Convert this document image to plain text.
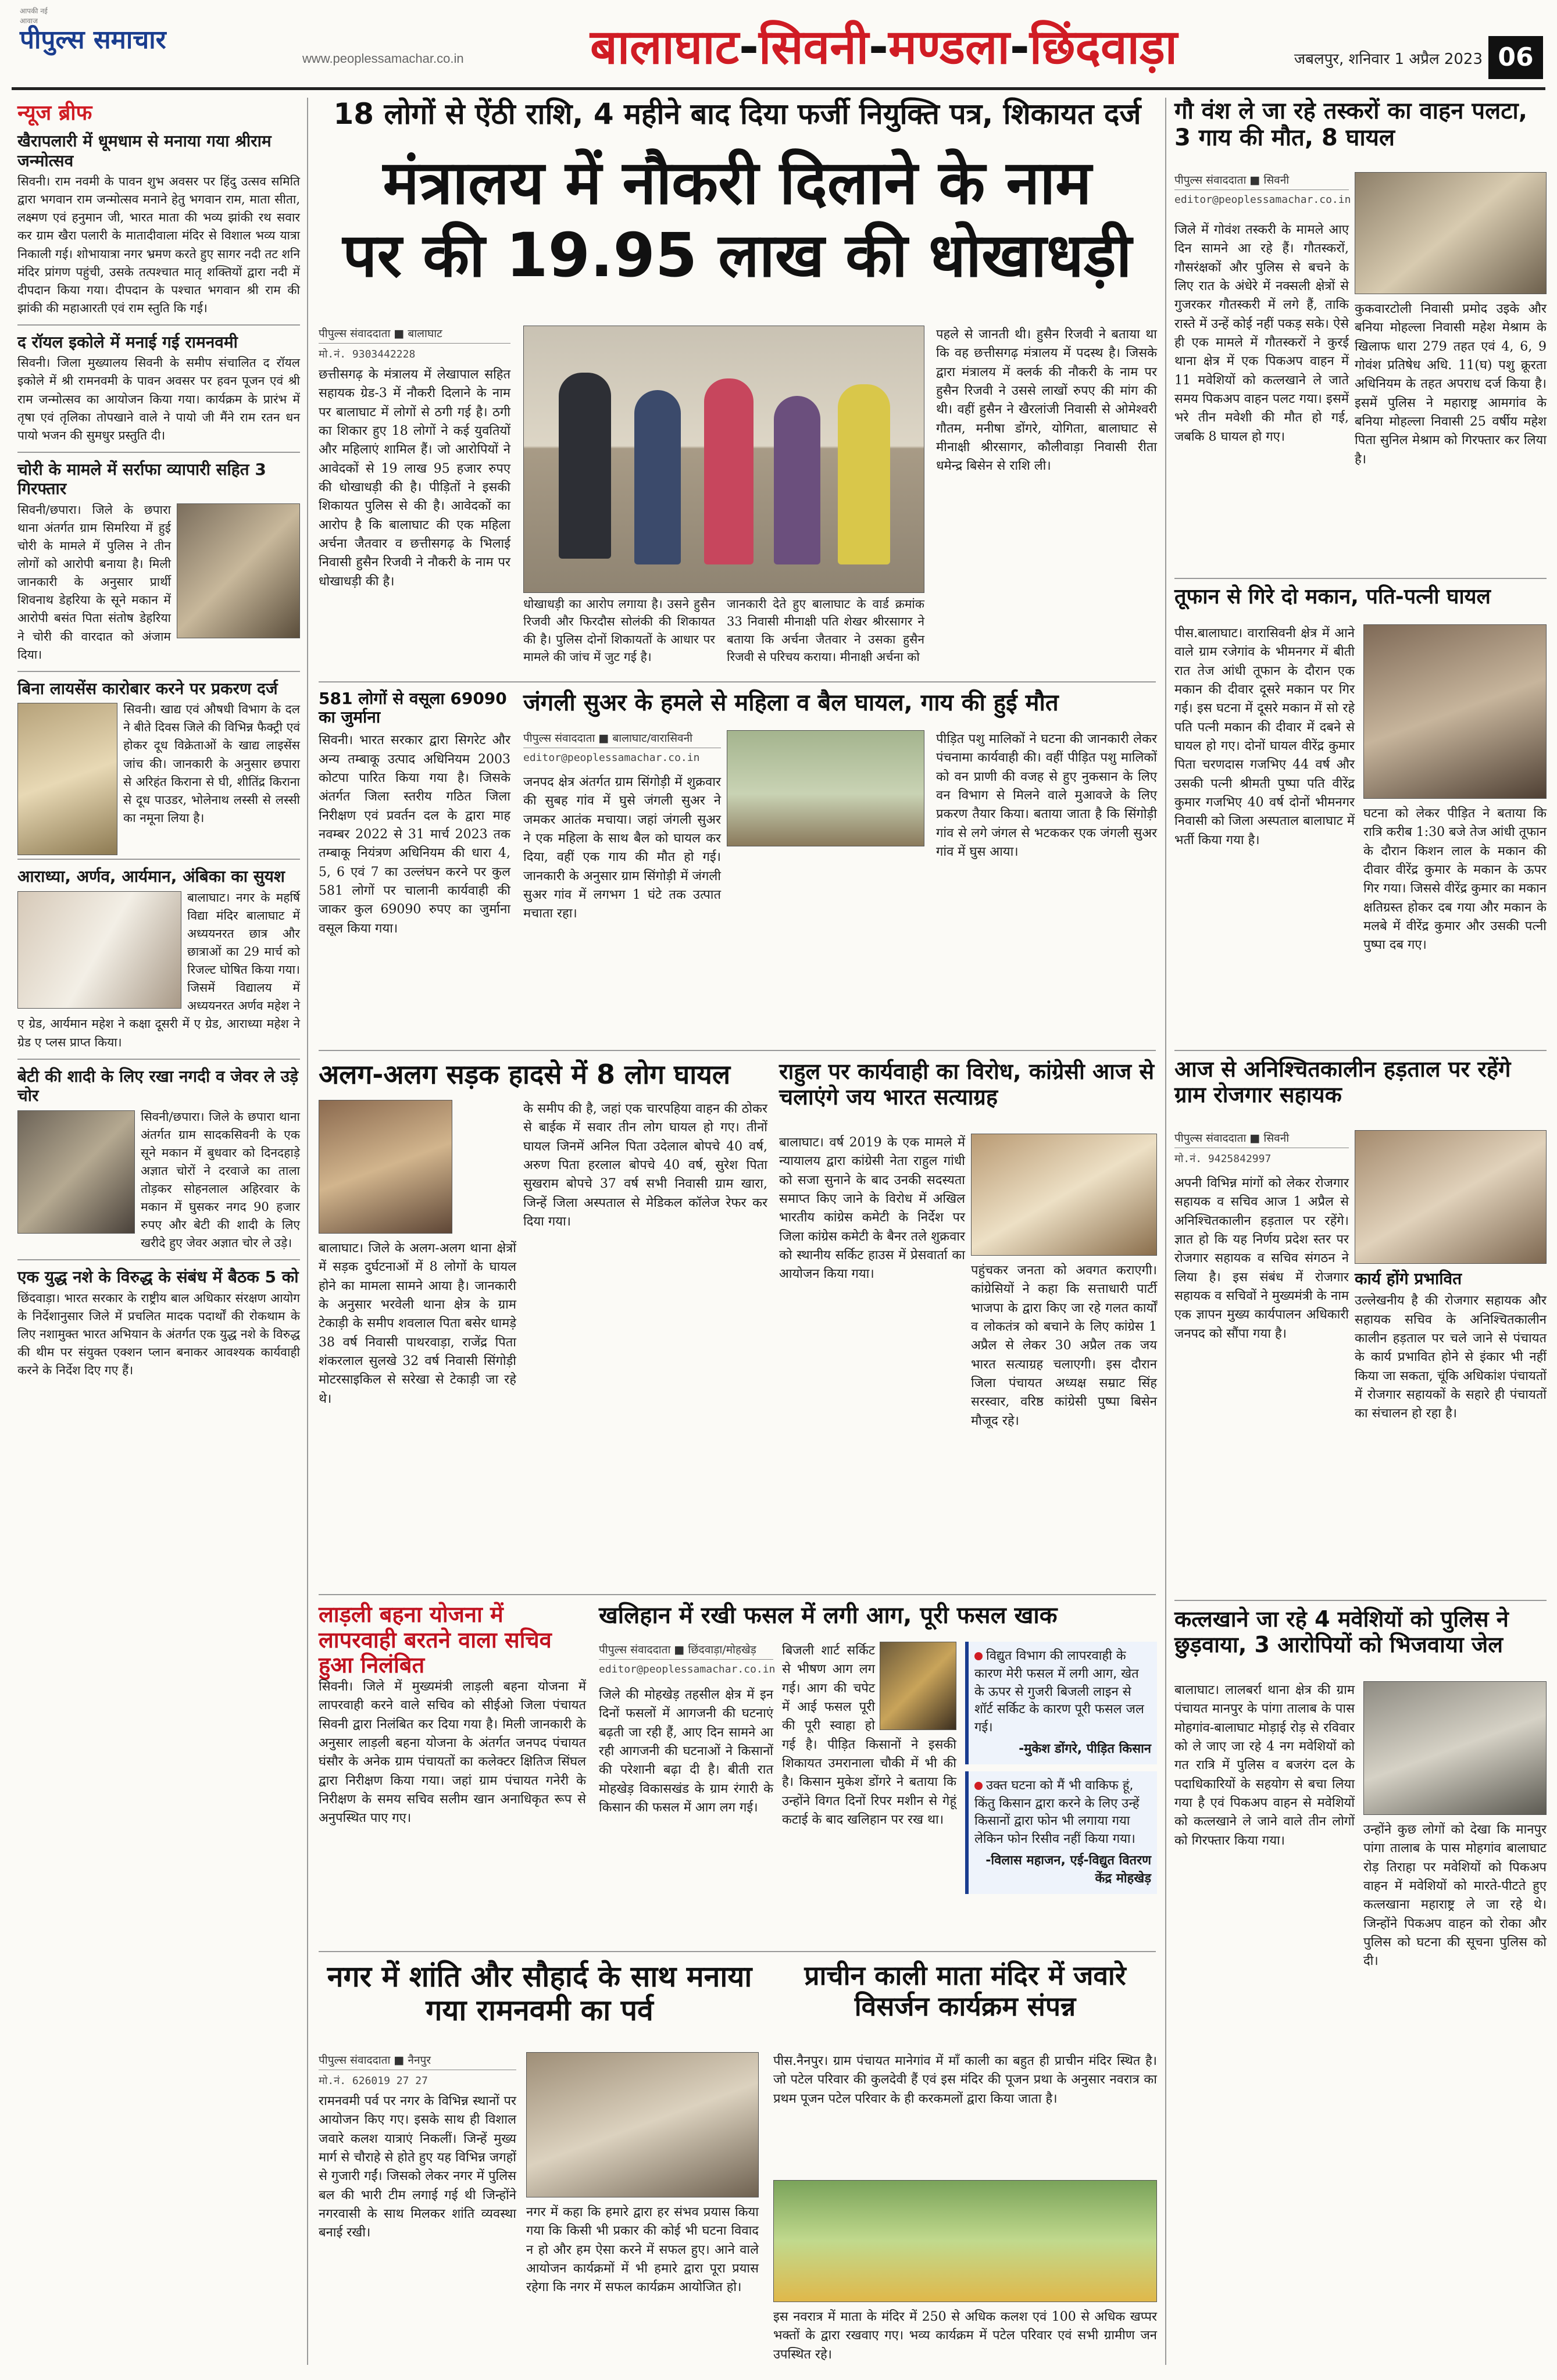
आपकी नई आवाज
पीपुल्स समाचार
www.peoplessamachar.co.in	बालाघाट-सिवनी-मण्डला-छिंदवाड़ा	जबलपुर, शनिवार 1 अप्रैल 2023 06
न्यूज ब्रीफ
खैरापलारी में धूमधाम से मनाया गया श्रीराम जन्मोत्सव
सिवनी। राम नवमी के पावन शुभ अवसर पर हिंदु उत्सव समिति द्वारा भगवान राम जन्मोत्सव मनाने हेतु भगवान राम, माता सीता, लक्ष्मण एवं हनुमान जी, भारत माता की भव्य झांकी रथ सवार कर ग्राम खैरा पलारी के मातादीवाला मंदिर से विशाल भव्य यात्रा निकाली गई। शोभायात्रा नगर भ्रमण करते हुए सागर नदी तट शनि मंदिर प्रांगण पहुंची, उसके तत्पश्चात मातृ शक्तियों द्वारा नदी में दीपदान किया गया। दीपदान के पश्चात भगवान श्री राम की झांकी की महाआरती एवं राम स्तुति कि गई।
द रॉयल इकोले में मनाई गई रामनवमी
सिवनी। जिला मुख्यालय सिवनी के समीप संचालित द रॉयल इकोले में श्री रामनवमी के पावन अवसर पर हवन पूजन एवं श्री राम जन्मोत्सव का आयोजन किया गया। कार्यक्रम के प्रारंभ में तृषा एवं तृलिका तोपखाने वाले ने पायो जी मैंने राम रतन धन पायो भजन की सुमधुर प्रस्तुति दी।
चोरी के मामले में सर्राफा व्यापारी सहित 3 गिरफ्तार
सिवनी/छपारा। जिले के छपारा थाना अंतर्गत ग्राम सिमरिया में हुई चोरी के मामले में पुलिस ने तीन लोगों को आरोपी बनाया है। मिली जानकारी के अनुसार प्रार्थी शिवनाथ डेहरिया के सूने मकान में आरोपी बसंत पिता संतोष डेहरिया ने चोरी की वारदात को अंजाम दिया।
बिना लायसेंस कारोबार करने पर प्रकरण दर्ज
सिवनी। खाद्य एवं औषधी विभाग के दल ने बीते दिवस जिले की विभिन्न फैक्ट्री एवं होकर दूध विक्रेताओं के खाद्य लाइसेंस जांच की। जानकारी के अनुसार छपारा से अरिहंत किराना से घी, शीतिंद्र किराना से दूध पाउडर, भोलेनाथ लस्सी से लस्सी का नमूना लिया है।
आराध्या, अर्णव, आर्यमान, अंबिका का सुयश
बालाघाट। नगर के महर्षि विद्या मंदिर बालाघाट में अध्ययनरत छात्र और छात्राओं का 29 मार्च को रिजल्ट घोषित किया गया। जिसमें विद्यालय में अध्ययनरत अर्णव महेश ने ए ग्रेड, आर्यमान महेश ने कक्षा दूसरी में ए ग्रेड, आराध्या महेश ने ग्रेड ए प्लस प्राप्त किया।
बेटी की शादी के लिए रखा नगदी व जेवर ले उड़े चोर
सिवनी/छपारा। जिले के छपारा थाना अंतर्गत ग्राम सादकसिवनी के एक सूने मकान में बुधवार को दिनदहाड़े अज्ञात चोरों ने दरवाजे का ताला तोड़कर सोहनलाल अहिरवार के मकान में घुसकर नगद 90 हजार रुपए और बेटी की शादी के लिए खरीदे हुए जेवर अज्ञात चोर ले उड़े।
एक युद्ध नशे के विरुद्ध के संबंध में बैठक 5 को
छिंदवाड़ा। भारत सरकार के राष्ट्रीय बाल अधिकार संरक्षण आयोग के निर्देशानुसार जिले में प्रचलित मादक पदार्थों की रोकथाम के लिए नशामुक्त भारत अभियान के अंतर्गत एक युद्ध नशे के विरुद्ध की थीम पर संयुक्त एक्शन प्लान बनाकर आवश्यक कार्यवाही करने के निर्देश दिए गए हैं।
18 लोगों से ऐंठी राशि, 4 महीने बाद दिया फर्जी नियुक्ति पत्र, शिकायत दर्ज
मंत्रालय में नौकरी दिलाने के नाम
पर की 19.95 लाख की धोखाधड़ी
पीपुल्स संवाददाता ■ बालाघाट
मो.नं. 9303442228
छत्तीसगढ़ के मंत्रालय में लेखापाल सहित सहायक ग्रेड-3 में नौकरी दिलाने के नाम पर बालाघाट में लोगों से ठगी गई है। ठगी का शिकार हुए 18 लोगों ने कई युवतियों और महिलाएं शामिल हैं। जो आरोपियों ने आवेदकों से 19 लाख 95 हजार रुपए की धोखाधड़ी की है। पीड़ितों ने इसकी शिकायत पुलिस से की है। आवेदकों का आरोप है कि बालाघाट की एक महिला अर्चना जैतवार व छत्तीसगढ़ के भिलाई निवासी हुसैन रिजवी ने नौकरी के नाम पर धोखाधड़ी की है।
धोखाधड़ी का आरोप लगाया है। उसने हुसैन रिजवी और फिरदौस सोलंकी की शिकायत की है। पुलिस दोनों शिकायतों के आधार पर मामले की जांच में जुट गई है।
जानकारी देते हुए बालाघाट के वार्ड क्रमांक 33 निवासी मीनाक्षी पति शेखर श्रीरसागर ने बताया कि अर्चना जैतवार ने उसका हुसैन रिजवी से परिचय कराया। मीनाक्षी अर्चना को
पहले से जानती थी। हुसैन रिजवी ने बताया था कि वह छत्तीसगढ़ मंत्रालय में पदस्थ है। जिसके द्वारा मंत्रालय में क्लर्क की नौकरी के नाम पर हुसैन रिजवी ने उससे लाखों रुपए की मांग की थी। वहीं हुसैन ने खैरलांजी निवासी से ओमेश्वरी गौतम, मनीषा डोंगरे, योगिता, बालाघाट से मीनाक्षी श्रीरसागर, कौलीवाड़ा निवासी रीता धमेन्द्र बिसेन से राशि ली।
581 लोगों से वसूला 69090 का जुर्माना
सिवनी। भारत सरकार द्वारा सिगरेट और अन्य तम्बाकू उत्पाद अधिनियम 2003 कोटपा पारित किया गया है। जिसके अंतर्गत जिला स्तरीय गठित जिला निरीक्षण एवं प्रवर्तन दल के द्वारा माह नवम्बर 2022 से 31 मार्च 2023 तक तम्बाकू नियंत्रण अधिनियम की धारा 4, 5, 6 एवं 7 का उल्लंघन करने पर कुल 581 लोगों पर चालानी कार्यवाही की जाकर कुल 69090 रुपए का जुर्माना वसूल किया गया।
जंगली सुअर के हमले से महिला व बैल घायल, गाय की हुई मौत
पीपुल्स संवाददाता ■ बालाघाट/वारासिवनी
editor@peoplessamachar.co.in
जनपद क्षेत्र अंतर्गत ग्राम सिंगोड़ी में शुक्रवार की सुबह गांव में घुसे जंगली सुअर ने जमकर आतंक मचाया। जहां जंगली सुअर ने एक महिला के साथ बैल को घायल कर दिया, वहीं एक गाय की मौत हो गई। जानकारी के अनुसार ग्राम सिंगोड़ी में जंगली सुअर गांव में लगभग 1 घंटे तक उत्पात मचाता रहा।
पीड़ित पशु मालिकों ने घटना की जानकारी लेकर पंचनामा कार्यवाही की। वहीं पीड़ित पशु मालिकों को वन प्राणी की वजह से हुए नुकसान के लिए वन विभाग से मिलने वाले मुआवजे के लिए प्रकरण तैयार किया। बताया जाता है कि सिंगोड़ी गांव से लगे जंगल से भटककर एक जंगली सुअर गांव में घुस आया।
अलग-अलग सड़क हादसे में 8 लोग घायल
बालाघाट। जिले के अलग-अलग थाना क्षेत्रों में सड़क दुर्घटनाओं में 8 लोगों के घायल होने का मामला सामने आया है। जानकारी के अनुसार भरवेली थाना क्षेत्र के ग्राम टेकाड़ी के समीप शवलाल पिता बसेर धामड़े 38 वर्ष निवासी पाथरवाड़ा, राजेंद्र पिता शंकरलाल सुलखे 32 वर्ष निवासी सिंगोड़ी मोटरसाइकिल से सरेखा से टेकाड़ी जा रहे थे।
के समीप की है, जहां एक चारपहिया वाहन की ठोकर से बाईक में सवार तीन लोग घायल हो गए। तीनों घायल जिनमें अनिल पिता उदेलाल बोपचे 40 वर्ष, अरुण पिता हरलाल बोपचे 40 वर्ष, सुरेश पिता सुखराम बोपचे 37 वर्ष सभी निवासी ग्राम खारा, जिन्हें जिला अस्पताल से मेडिकल कॉलेज रेफर कर दिया गया।
राहुल पर कार्यवाही का विरोध, कांग्रेसी आज से चलाएंगे जय भारत सत्याग्रह
बालाघाट। वर्ष 2019 के एक मामले में न्यायालय द्वारा कांग्रेसी नेता राहुल गांधी को सजा सुनाने के बाद उनकी सदस्यता समाप्त किए जाने के विरोध में अखिल भारतीय कांग्रेस कमेटी के निर्देश पर जिला कांग्रेस कमेटी के बैनर तले शुक्रवार को स्थानीय सर्किट हाउस में प्रेसवार्ता का आयोजन किया गया।	पहुंचकर जनता को अवगत कराएगी। कांग्रेसियों ने कहा कि सत्ताधारी पार्टी भाजपा के द्वारा किए जा रहे गलत कार्यों व लोकतंत्र को बचाने के लिए कांग्रेस 1 अप्रैल से लेकर 30 अप्रैल तक जय भारत सत्याग्रह चलाएगी। इस दौरान जिला पंचायत अध्यक्ष सम्राट सिंह सरस्वार, वरिष्ठ कांग्रेसी पुष्पा बिसेन मौजूद रहे।
लाड़ली बहना योजना में लापरवाही बरतने वाला सचिव हुआ निलंबित
सिवनी। जिले में मुख्यमंत्री लाड़ली बहना योजना में लापरवाही करने वाले सचिव को सीईओ जिला पंचायत सिवनी द्वारा निलंबित कर दिया गया है। मिली जानकारी के अनुसार लाड़ली बहना योजना के अंतर्गत जनपद पंचायत घंसौर के अनेक ग्राम पंचायतों का कलेक्टर क्षितिज सिंघल द्वारा निरीक्षण किया गया। जहां ग्राम पंचायत गनेरी के निरीक्षण के समय सचिव सलीम खान अनाधिकृत रूप से अनुपस्थित पाए गए।
खलिहान में रखी फसल में लगी आग, पूरी फसल खाक
पीपुल्स संवाददाता ■ छिंदवाड़ा/मोहखेड़
editor@peoplessamachar.co.in
जिले की मोहखेड़ तहसील क्षेत्र में इन दिनों फसलों में आगजनी की घटनाएं बढ़ती जा रही हैं, आए दिन सामने आ रही आगजनी की घटनाओं ने किसानों की परेशानी बढ़ा दी है। बीती रात मोहखेड़ विकासखंड के ग्राम रंगारी के किसान की फसल में आग लग गई।
बिजली शार्ट सर्किट से भीषण आग लग गई। आग की चपेट में आई फसल पूरी की पूरी स्वाहा हो गई है। पीड़ित किसानों ने इसकी शिकायत उमरानाला चौकी में भी की है। किसान मुकेश डोंगरे ने बताया कि उन्होंने विगत दिनों रिपर मशीन से गेहूं कटाई के बाद खलिहान पर रख था।
विद्युत विभाग की लापरवाही के कारण मेरी फसल में लगी आग, खेत के ऊपर से गुजरी बिजली लाइन से शॉर्ट सर्किट के कारण पूरी फसल जल गई।
-मुकेश डोंगरे, पीड़ित किसान
उक्त घटना को मैं भी वाकिफ हूं, किंतु किसान द्वारा करने के लिए उन्हें किसानों द्वारा फोन भी लगाया गया लेकिन फोन रिसीव नहीं किया गया।
-विलास महाजन, एई-विद्युत वितरण केंद्र मोहखेड़
नगर में शांति और सौहार्द के साथ मनाया गया रामनवमी का पर्व
पीपुल्स संवाददाता ■ नैनपुर
मो.नं. 626019 27 27
रामनवमी पर्व पर नगर के विभिन्न स्थानों पर आयोजन किए गए। इसके साथ ही विशाल जवारे कलश यात्राएं निकलीं। जिन्हें मुख्य मार्ग से चौराहे से होते हुए यह विभिन्न जगहों से गुजारी गईं। जिसको लेकर नगर में पुलिस बल की भारी टीम लगाई गई थी जिन्होंने नगरवासी के साथ मिलकर शांति व्यवस्था बनाई रखी।
नगर में कहा कि हमारे द्वारा हर संभव प्रयास किया गया कि किसी भी प्रकार की कोई भी घटना विवाद न हो और हम ऐसा करने में सफल हुए। आने वाले आयोजन कार्यक्रमों में भी हमारे द्वारा पूरा प्रयास रहेगा कि नगर में सफल कार्यक्रम आयोजित हो।
प्राचीन काली माता मंदिर में जवारे विसर्जन कार्यक्रम संपन्न
पीस.नैनपुर। ग्राम पंचायत मानेगांव में माँ काली का बहुत ही प्राचीन मंदिर स्थित है। जो पटेल परिवार की कुलदेवी हैं एवं इस मंदिर की पूजन प्रथा के अनुसार नवरात्र का प्रथम पूजन पटेल परिवार के ही करकमलों द्वारा किया जाता है।
इस नवरात्र में माता के मंदिर में 250 से अधिक कलश एवं 100 से अधिक खप्पर भक्तों के द्वारा रखवाए गए। भव्य कार्यक्रम में पटेल परिवार एवं सभी ग्रामीण जन उपस्थित रहे।
गौ वंश ले जा रहे तस्करों का वाहन पलटा, 3 गाय की मौत, 8 घायल
पीपुल्स संवाददाता ■ सिवनी
editor@peoplessamachar.co.in
जिले में गोवंश तस्करी के मामले आए दिन सामने आ रहे हैं। गौतस्करों, गौसरंक्षकों और पुलिस से बचने के लिए रात के अंधेरे में नक्सली क्षेत्रों से गुजरकर गौतस्करी में लगे हैं, ताकि रास्ते में उन्हें कोई नहीं पकड़ सके। ऐसे ही एक मामले में गौतस्करों ने कुरई थाना क्षेत्र में एक पिकअप वाहन में 11 मवेशियों को कत्लखाने ले जाते समय पिकअप वाहन पलट गया। इसमें भरे तीन मवेशी की मौत हो गई, जबकि 8 घायल हो गए।
कुकवारटोली निवासी प्रमोद उइके और बनिया मोहल्ला निवासी महेश मेश्राम के खिलाफ धारा 279 तहत एवं 4, 6, 9 गोवंश प्रतिषेध अधि. 11(घ) पशु क्रूरता अधिनियम के तहत अपराध दर्ज किया है। इसमें पुलिस ने महाराष्ट्र आमगांव के बनिया मोहल्ला निवासी 25 वर्षीय महेश पिता सुनिल मेश्राम को गिरफ्तार कर लिया है।
तूफान से गिरे दो मकान, पति-पत्नी घायल
पीस.बालाघाट। वारासिवनी क्षेत्र में आने वाले ग्राम रजेगांव के भीमनगर में बीती रात तेज आंधी तूफान के दौरान एक मकान की दीवार दूसरे मकान पर गिर गई। इस घटना में दूसरे मकान में सो रहे पति पत्नी मकान की दीवार में दबने से घायल हो गए। दोनों घायल वीरेंद्र कुमार पिता चरणदास गजभिए 44 वर्ष और उसकी पत्नी श्रीमती पुष्पा पति वीरेंद्र कुमार गजभिए 40 वर्ष दोनों भीमनगर निवासी को जिला अस्पताल बालाघाट में भर्ती किया गया है।
घटना को लेकर पीड़ित ने बताया कि रात्रि करीब 1:30 बजे तेज आंधी तूफान के दौरान किशन लाल के मकान की दीवार वीरेंद्र कुमार के मकान के ऊपर गिर गया। जिससे वीरेंद्र कुमार का मकान क्षतिग्रस्त होकर दब गया और मकान के मलबे में वीरेंद्र कुमार और उसकी पत्नी पुष्पा दब गए।
आज से अनिश्चितकालीन हड़ताल पर रहेंगे ग्राम रोजगार सहायक
पीपुल्स संवाददाता ■ सिवनी
मो.नं. 9425842997
अपनी विभिन्न मांगों को लेकर रोजगार सहायक व सचिव आज 1 अप्रैल से अनिश्चितकालीन हड़ताल पर रहेंगे। ज्ञात हो कि यह निर्णय प्रदेश स्तर पर रोजगार सहायक व सचिव संगठन ने लिया है। इस संबंध में रोजगार सहायक व सचिवों ने मुख्यमंत्री के नाम एक ज्ञापन मुख्य कार्यपालन अधिकारी जनपद को सौंपा गया है।
कार्य होंगे प्रभावित
उल्लेखनीय है की रोजगार सहायक और सहायक सचिव के अनिश्चितकालीन कालीन हड़ताल पर चले जाने से पंचायत के कार्य प्रभावित होने से इंकार भी नहीं किया जा सकता, चूंकि अधिकांश पंचायतों में रोजगार सहायकों के सहारे ही पंचायतों का संचालन हो रहा है।
कत्लखाने जा रहे 4 मवेशियों को पुलिस ने छुड़वाया, 3 आरोपियों को भिजवाया जेल
बालाघाट। लालबर्रा थाना क्षेत्र की ग्राम पंचायत मानपुर के पांगा तालाब के पास मोहगांव-बालाघाट मोड़ाई रोड़ से रविवार को ले जाए जा रहे 4 नग मवेशियों को गत रात्रि में पुलिस व बजरंग दल के पदाधिकारियों के सहयोग से बचा लिया गया है एवं पिकअप वाहन से मवेशियों को कत्लखाने ले जाने वाले तीन लोगों को गिरफ्तार किया गया।
उन्होंने कुछ लोगों को देखा कि मानपुर पांगा तालाब के पास मोहगांव बालाघाट रोड़ तिराहा पर मवेशियों को पिकअप वाहन में मवेशियों को मारते-पीटते हुए कत्लखाना महाराष्ट्र ले जा रहे थे। जिन्होंने पिकअप वाहन को रोका और पुलिस को घटना की सूचना पुलिस को दी।
